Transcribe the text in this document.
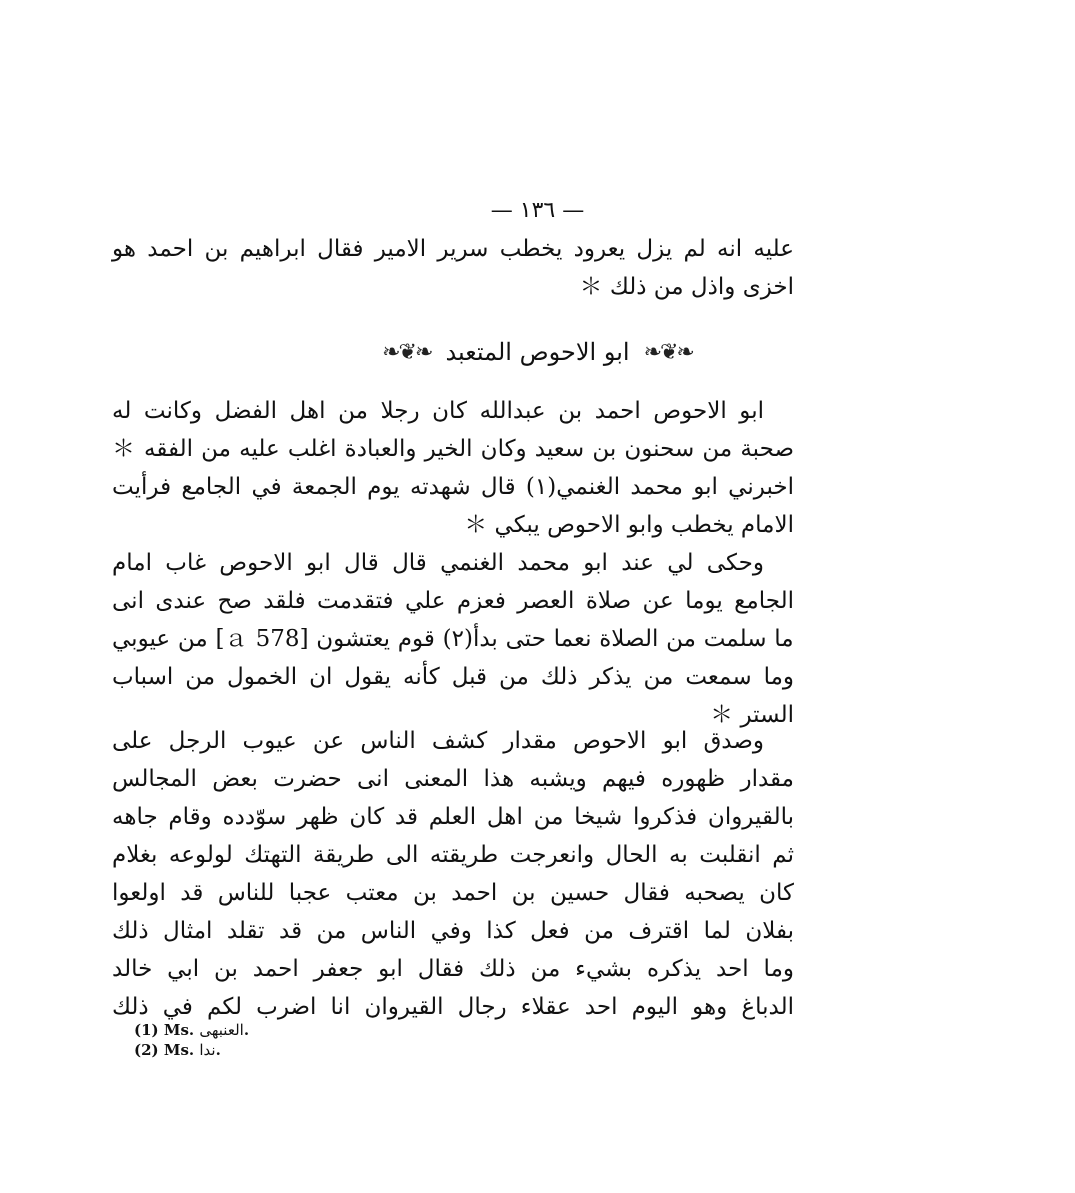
— ١٣٦ —
عليه انه لم يزل يعرود يخطب سرير الامير فقال ابراهيم بن احمد هو
اخزى واذل من ذلك ＊
❧❦❧
ابو الاحوص المتعبد
❧❦❧
ابو الاحوص احمد بن عبدالله كان رجلا من اهل الفضل وكانت له
صحبة من سحنون بن سعيد وكان الخير والعبادة اغلب عليه من الفقه ＊
اخبرني ابو محمد الغنمي(١) قال شهدته يوم الجمعة في الجامع فرأيت
الامام يخطب وابو الاحوص يبكي ＊
وحكى لي عند ابو محمد الغنمي قال قال ابو الاحوص غاب امام
الجامع يوما عن صلاة العصر فعزم علي فتقدمت فلقد صح عندى انى
ما سلمت من الصلاة نعما حتى بدأ(٢) قوم يعتشون [578 ａ] من عيوبي
وما سمعت من يذكر ذلك من قبل كأنه يقول ان الخمول من اسباب
الستر ＊
وصدق ابو الاحوص مقدار كشف الناس عن عيوب الرجل على
مقدار ظهوره فيهم ويشبه هذا المعنى انى حضرت بعض المجالس
بالقيروان فذكروا شيخا من اهل العلم قد كان ظهر سوّدده وقام جاهه
ثم انقلبت به الحال وانعرجت طريقته الى طريقة التهتك لولوعه بغلام
كان يصحبه فقال حسين بن احمد بن معتب عجبا للناس قد اولعوا
بفلان لما اقترف من فعل كذا وفي الناس من قد تقلد امثال ذلك
وما احد يذكره بشيء من ذلك فقال ابو جعفر احمد بن ابي خالد
الدباغ وهو اليوم احد عقلاء رجال القيروان انا اضرب لكم في ذلك
(1) Ms. العنبهى.
(2) Ms. ندا.
